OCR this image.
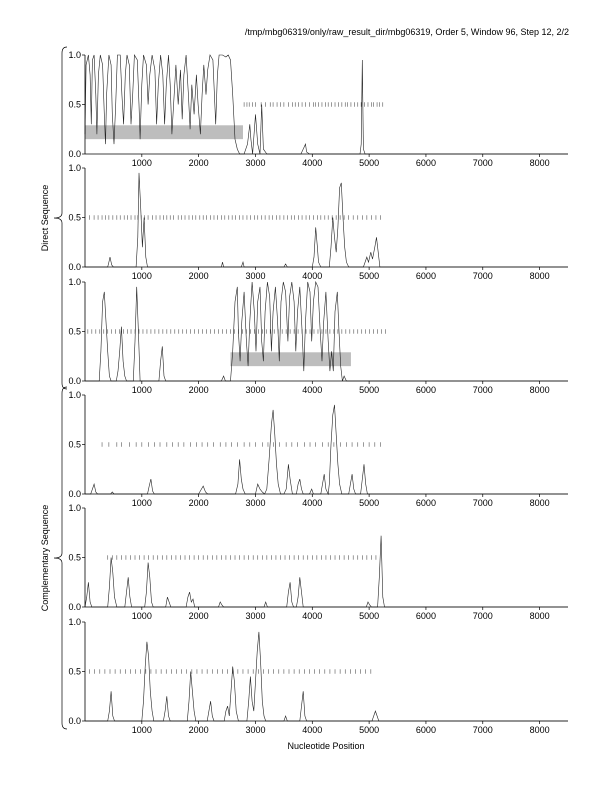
/tmp/mbg06319/only/raw_result_dir/mbg06319, Order 5, Window 96, Step 12, 2/2
0.0
0.5
1.0
1000	2000	3000	4000	5000	6000	7000	8000
0.0
0.5
1.0
1000	2000	3000	4000	5000	6000	7000	8000
0.0
0.5
1.0
1000	2000	3000	4000	5000	6000	7000	8000
0.0
0.5
1.0
1000	2000	3000	4000	5000	6000	7000	8000
0.0
0.5
1.0
1000	2000	3000	4000	5000	6000	7000	8000
0.0
0.5
1.0
1000	2000	3000	4000	5000	6000	7000	8000
Direct Sequence
Complementary Sequence
Nucleotide Position
